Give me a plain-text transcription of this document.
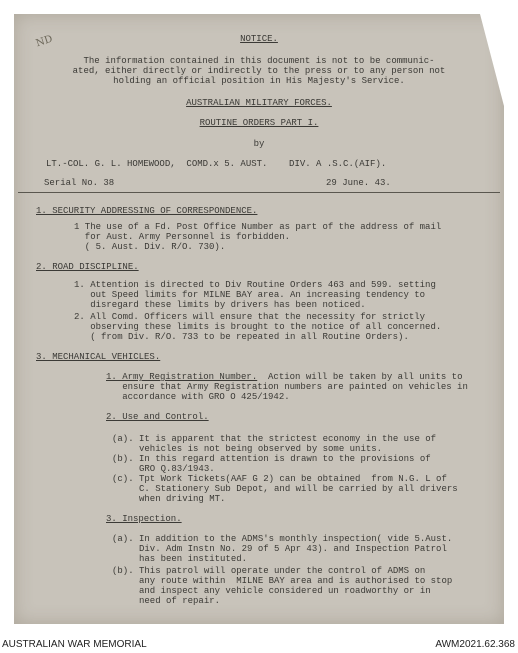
ND	NOTICE.
The information contained in this document is not to be communic-
ated, either directly or indirectly to the press or to any person not
holding an official position in His Majesty's Service.
AUSTRALIAN MILITARY FORCES.
ROUTINE ORDERS PART I.
by
LT.-COL. G. L. HOMEWOOD,  COMD.x 5. AUST.    DIV. A .S.C.(AIF).
Serial No. 38	29 June. 43.
1. SECURITY ADDRESSING OF CORRESPONDENCE.
1 The use of a Fd. Post Office Number as part of the address of mail
for Aust. Army Personnel is forbidden.
( 5. Aust. Div. R/O. 730).
2. ROAD DISCIPLINE.
1. Attention is directed to Div Routine Orders 463 and 599. setting
out Speed limits for MILNE BAY area. An increasing tendency to
disregard these limits by drivers has been noticed.
2. All Comd. Officers will ensure that the necessity for strictly
observing these limits is brought to the notice of all concerned.
( from Div. R/O. 733 to be repeated in all Routine Orders).
3. MECHANICAL VEHICLES.
1. Army Registration Number.  Action will be taken by all units to
ensure that Army Registration numbers are painted on vehicles in
accordance with GRO O 425/1942.
2. Use and Control.
(a). It is apparent that the strictest economy in the use of
vehicles is not being observed by some units.
(b). In this regard attention is drawn to the provisions of
GRO Q.83/1943.
(c). Tpt Work Tickets(AAF G 2) can be obtained  from N.G. L of
C. Stationery Sub Depot, and will be carried by all drivers
when driving MT.
3. Inspection.
(a). In addition to the ADMS's monthly inspection( vide 5.Aust.
Div. Adm Instn No. 29 of 5 Apr 43). and Inspection Patrol
has been instituted.
(b). This patrol will operate under the control of ADMS on
any route within  MILNE BAY area and is authorised to stop
and inspect any vehicle considered un roadworthy or in
need of repair.
AUSTRALIAN WAR MEMORIAL	AWM2021.62.368
